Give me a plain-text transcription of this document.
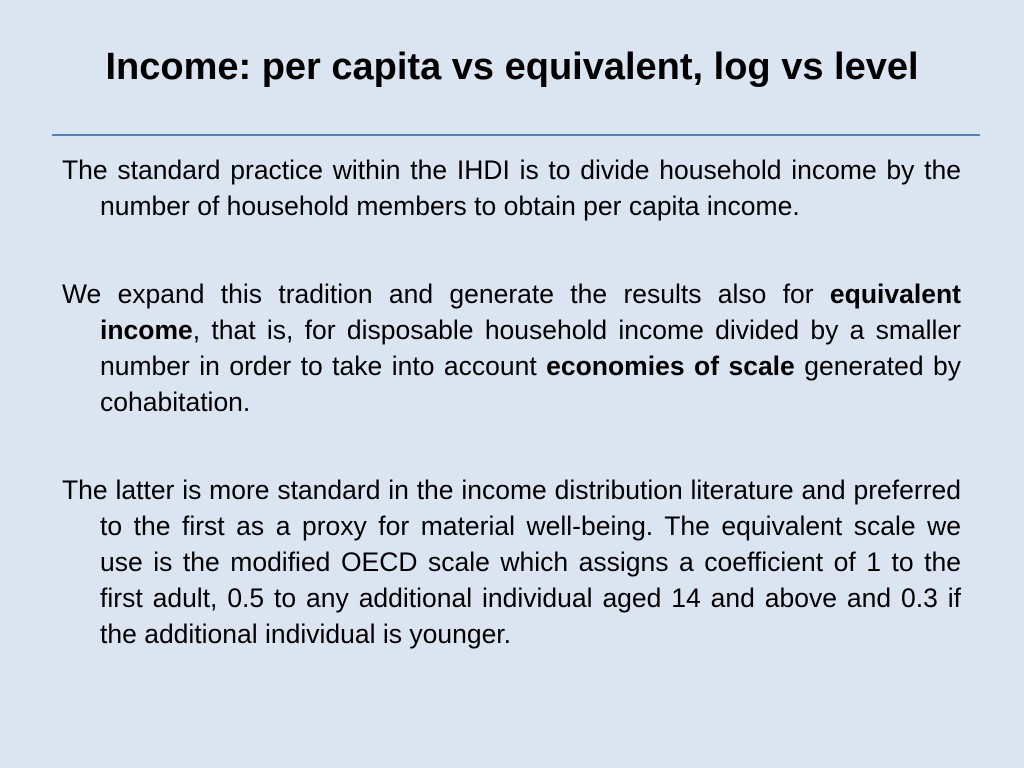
Income: per capita vs equivalent, log vs level

The standard practice within the IHDI is to divide household income by the number of household members to obtain per capita income.

We expand this tradition and generate the results also for equivalent income, that is, for disposable household income divided by a smaller number in order to take into account economies of scale generated by cohabitation.

The latter is more standard in the income distribution literature and preferred to the first as a proxy for material well-being. The equivalent scale we use is the modified OECD scale which assigns a coefficient of 1 to the first adult, 0.5 to any additional individual aged 14 and above and 0.3 if the additional individual is younger.
